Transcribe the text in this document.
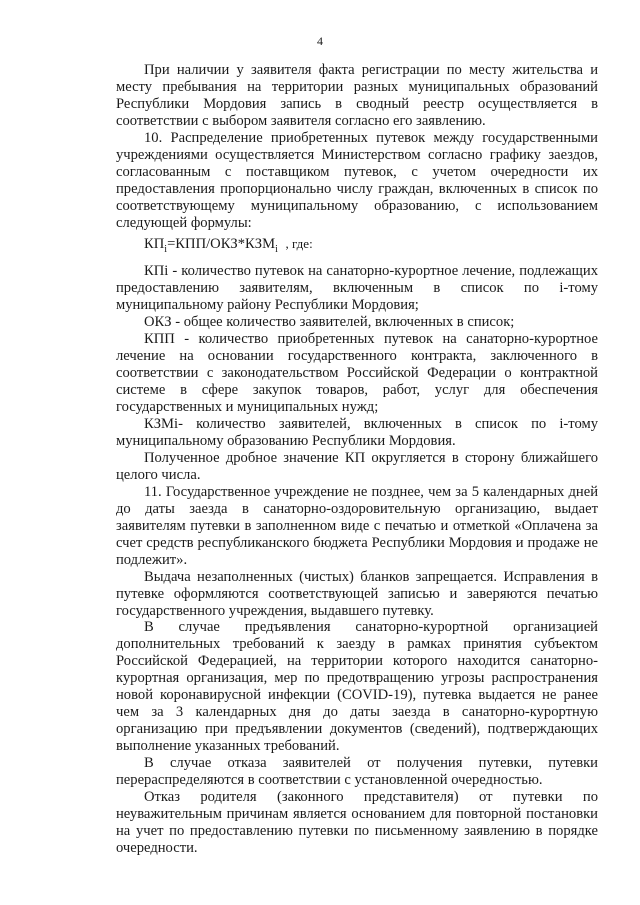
4

При наличии у заявителя факта регистрации по месту жительства и месту пребывания на территории разных муниципальных образований Республики Мордовия запись в сводный реестр осуществляется в соответствии с выбором заявителя согласно его заявлению.

10. Распределение приобретенных путевок между государственными учреждениями осуществляется Министерством согласно графику заездов, согласованным с поставщиком путевок, с учетом очередности их предоставления пропорционально числу граждан, включенных в список по соответствующему муниципальному образованию, с использованием следующей формулы:

$КП_i=КПП/ОКЗ*КЗМ_i$ , где:

КПi - количество путевок на санаторно-курортное лечение, подлежащих предоставлению заявителям, включенным в список по i-тому муниципальному району Республики Мордовия;

ОКЗ - общее количество заявителей, включенных в список;

КПП - количество приобретенных путевок на санаторно-курортное лечение на основании государственного контракта, заключенного в соответствии с законодательством Российской Федерации о контрактной системе в сфере закупок товаров, работ, услуг для обеспечения государственных и муниципальных нужд;

КЗМi- количество заявителей, включенных в список по i-тому муниципальному образованию Республики Мордовия.

Полученное дробное значение КП округляется в сторону ближайшего целого числа.

11. Государственное учреждение не позднее, чем за 5 календарных дней до даты заезда в санаторно-оздоровительную организацию, выдает заявителям путевки в заполненном виде с печатью и отметкой «Оплачена за счет средств республиканского бюджета Республики Мордовия и продаже не подлежит».

Выдача незаполненных (чистых) бланков запрещается. Исправления в путевке оформляются соответствующей записью и заверяются печатью государственного учреждения, выдавшего путевку.

В случае предъявления санаторно-курортной организацией дополнительных требований к заезду в рамках принятия субъектом Российской Федерацией, на территории которого находится санаторно-курортная организация, мер по предотвращению угрозы распространения новой коронавирусной инфекции (COVID-19), путевка выдается не ранее чем за 3 календарных дня до даты заезда в санаторно-курортную организацию при предъявлении документов (сведений), подтверждающих выполнение указанных требований.

В случае отказа заявителей от получения путевки, путевки перераспределяются в соответствии с установленной очередностью.

Отказ родителя (законного представителя) от путевки по неуважительным причинам является основанием для повторной постановки на учет по предоставлению путевки по письменному заявлению в порядке очередности.
